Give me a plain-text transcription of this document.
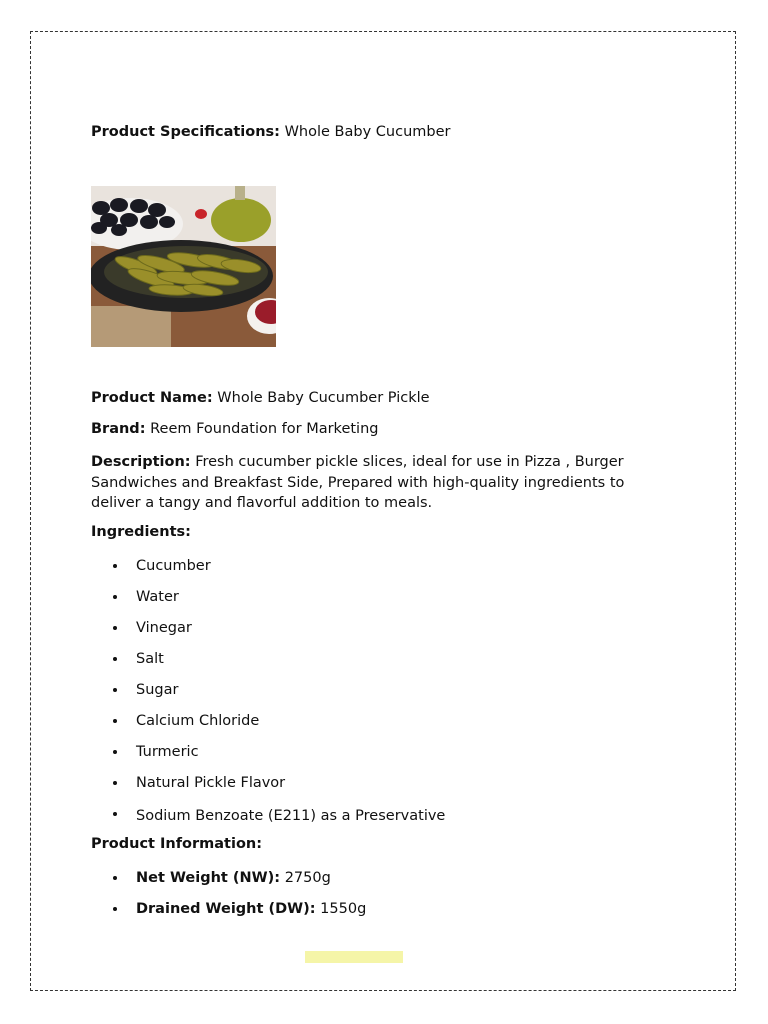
Product Specifications: Whole Baby Cucumber
Product Name: Whole Baby Cucumber Pickle
Brand: Reem Foundation for Marketing
Description: Fresh cucumber pickle slices, ideal for use in Pizza , Burger Sandwiches and Breakfast Side, Prepared with high-quality ingredients to deliver a tangy and flavorful addition to meals.
Ingredients:
Cucumber
Water
Vinegar
Salt
Sugar
Calcium Chloride
Turmeric
Natural Pickle Flavor
Sodium Benzoate (E211) as a Preservative
Product Information:
Net Weight (NW): 2750g
Drained Weight (DW): 1550g
